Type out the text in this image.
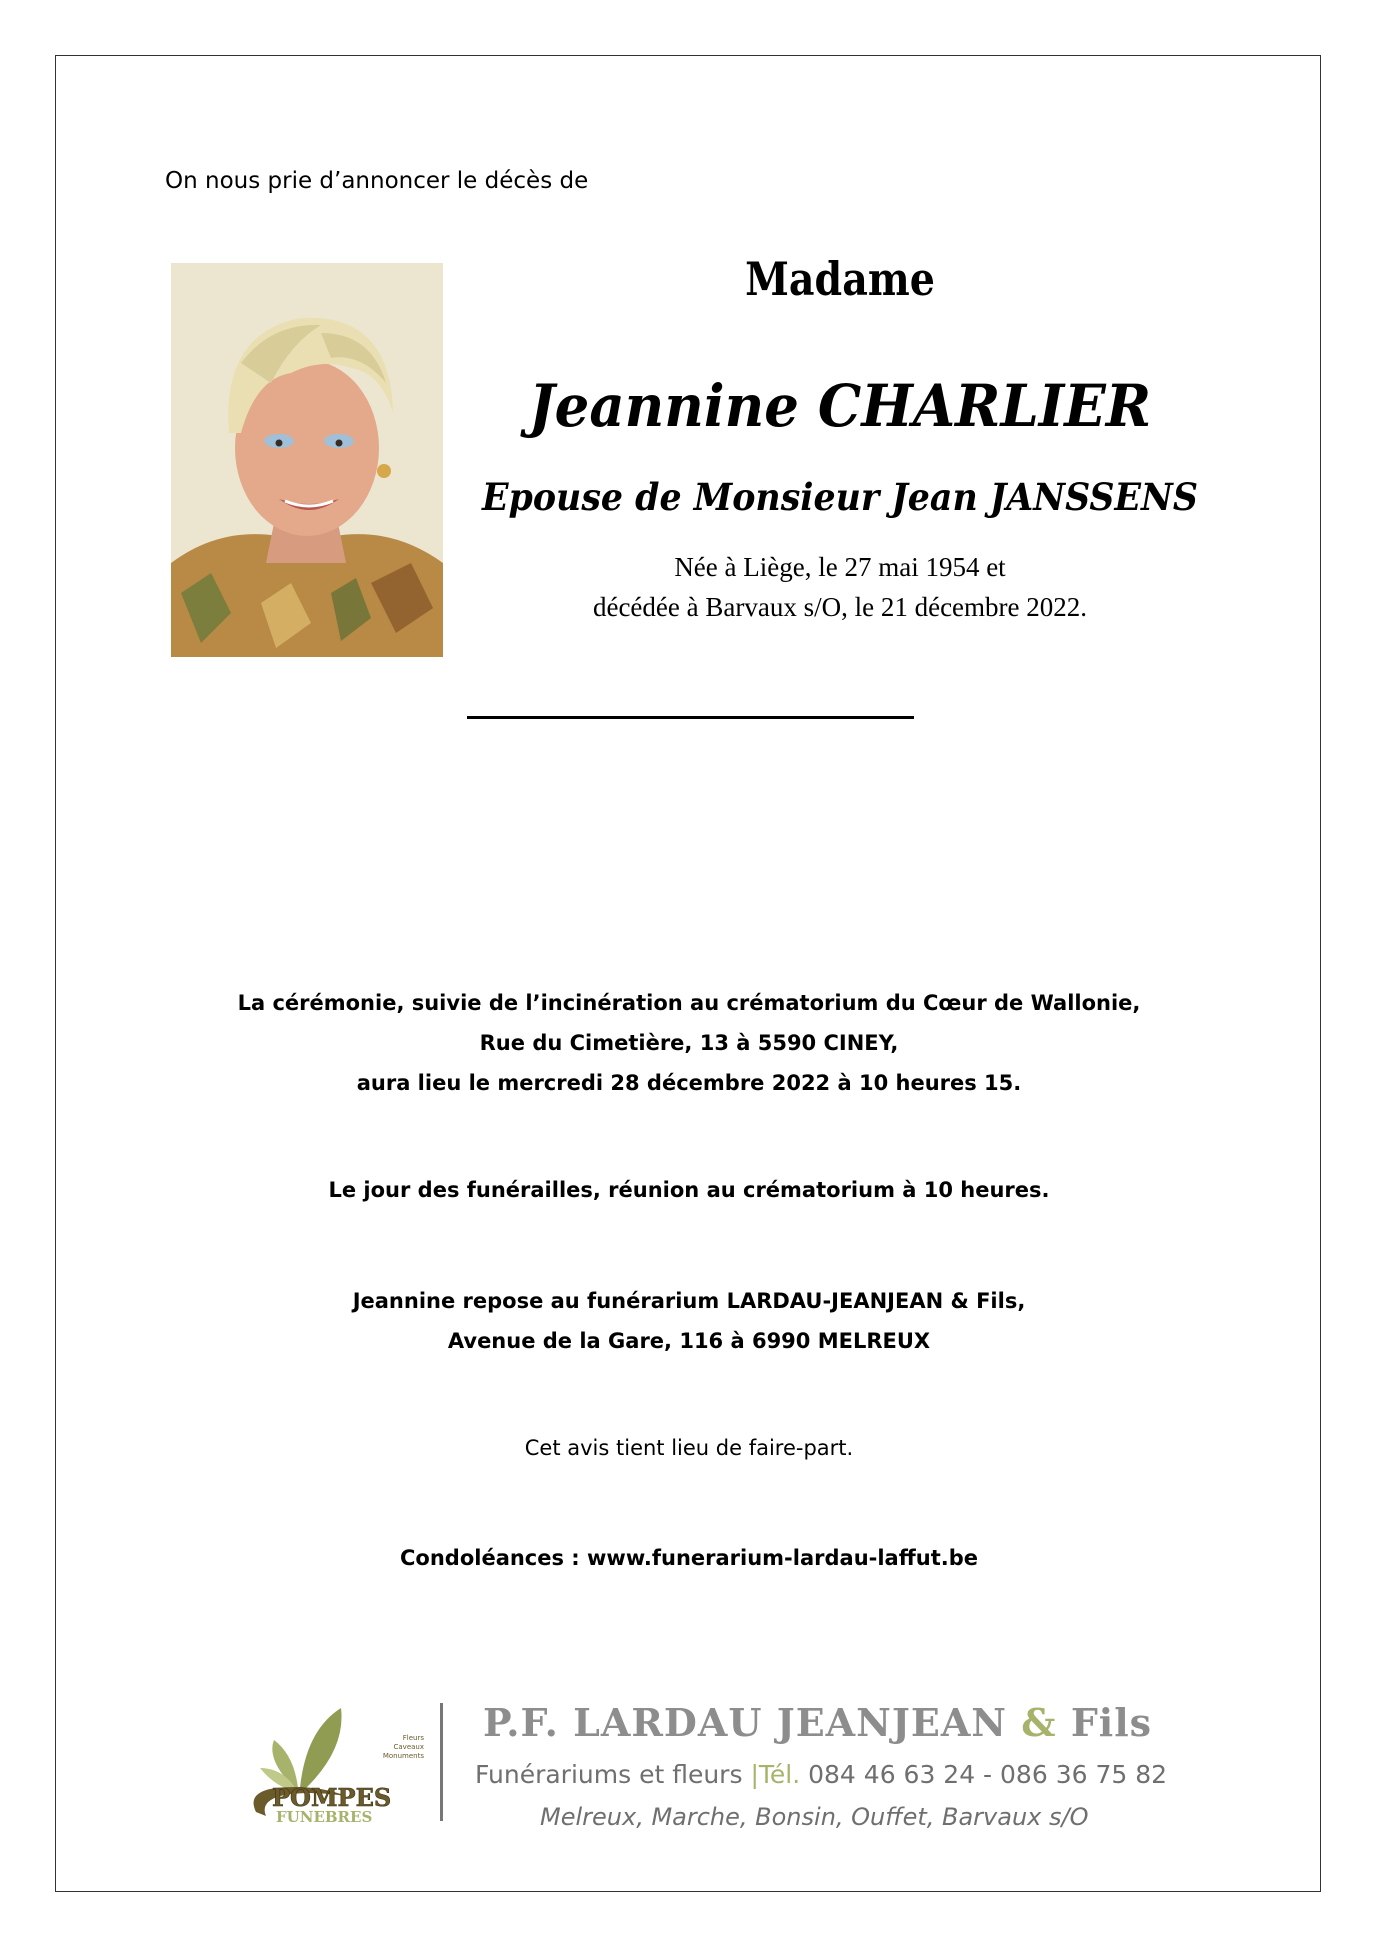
On nous prie d’annoncer le décès de
Madame
Jeannine CHARLIER
Epouse de Monsieur Jean JANSSENS
Née à Liège, le 27 mai 1954 et
décédée à Barvaux s/O, le 21 décembre 2022.
La cérémonie, suivie de l’incinération au crématorium du Cœur de Wallonie,
Rue du Cimetière, 13 à 5590 CINEY,
aura lieu le mercredi 28 décembre 2022 à 10 heures 15.
Le jour des funérailles, réunion au crématorium à 10 heures.
Jeannine repose au funérarium LARDAU-JEANJEAN & Fils,
Avenue de la Gare, 116 à 6990 MELREUX
Cet avis tient lieu de faire-part.
Condoléances : www.funerarium-lardau-laffut.be
Fleurs
Caveaux
Monuments
POMPES
FUNEBRES
P.F. LARDAU JEANJEAN & Fils
Funérariums et fleurs |Tél. 084 46 63 24 - 086 36 75 82
Melreux, Marche, Bonsin, Ouffet, Barvaux s/O
